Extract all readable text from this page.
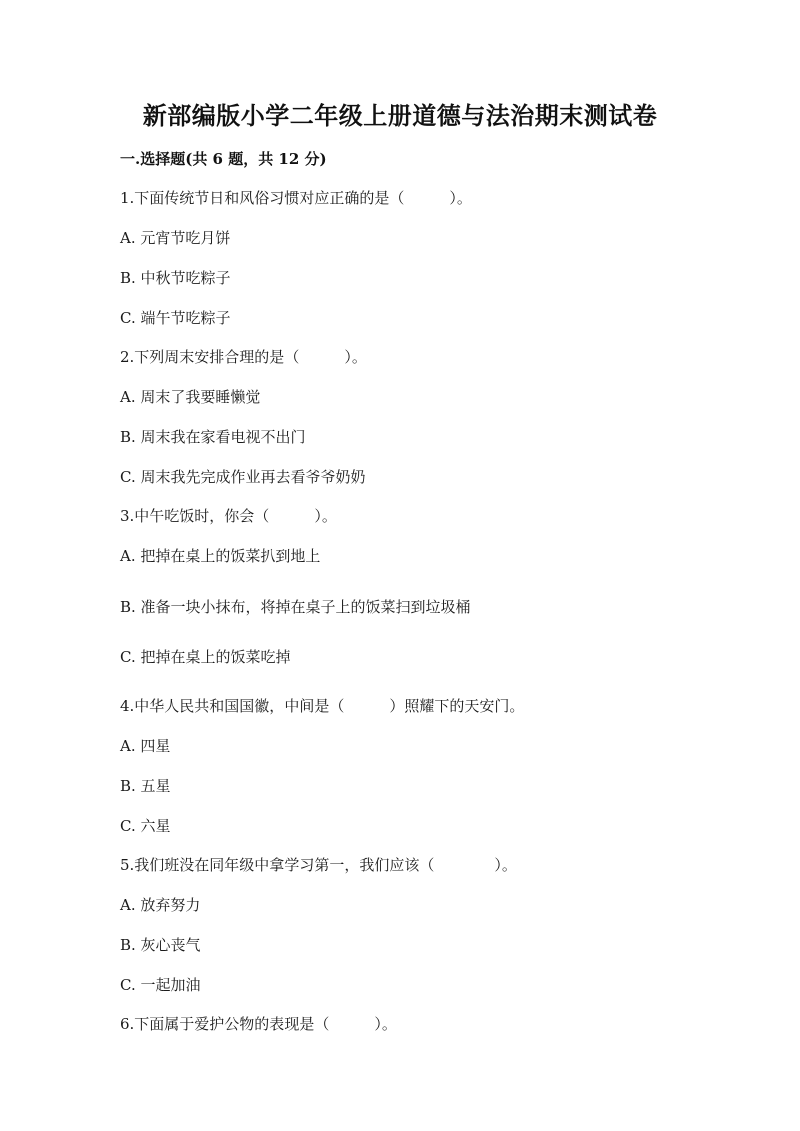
新部编版小学二年级上册道德与法治期末测试卷
一.选择题(共 6 题，共 12 分)
1.下面传统节日和风俗习惯对应正确的是（　　　）。
A. 元宵节吃月饼
B. 中秋节吃粽子
C. 端午节吃粽子
2.下列周末安排合理的是（　　　）。
A. 周末了我要睡懒觉
B. 周末我在家看电视不出门
C. 周末我先完成作业再去看爷爷奶奶
3.中午吃饭时，你会（　　　）。
A. 把掉在桌上的饭菜扒到地上
B. 准备一块小抹布，将掉在桌子上的饭菜扫到垃圾桶
C. 把掉在桌上的饭菜吃掉
4.中华人民共和国国徽，中间是（　　　）照耀下的天安门。
A. 四星
B. 五星
C. 六星
5.我们班没在同年级中拿学习第一，我们应该（　　　　）。
A. 放弃努力
B. 灰心丧气
C. 一起加油
6.下面属于爱护公物的表现是（　　　）。
